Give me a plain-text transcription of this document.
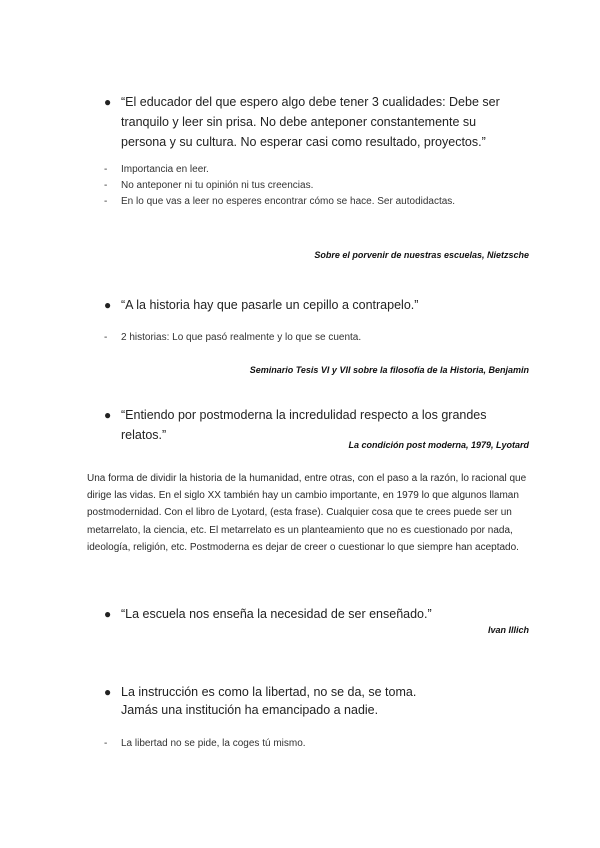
● “El educador del que espero algo debe tener 3 cualidades: Debe ser tranquilo y leer sin prisa. No debe anteponer constantemente su persona y su cultura. No esperar casi como resultado, proyectos.”
- Importancia en leer.
- No anteponer ni tu opinión ni tus creencias.
- En lo que vas a leer no esperes encontrar cómo se hace. Ser autodidactas.
Sobre el porvenir de nuestras escuelas, Nietzsche
● “A la historia hay que pasarle un cepillo a contrapelo.”
- 2 historias: Lo que pasó realmente y lo que se cuenta.
Seminario Tesis VI y VII sobre la filosofía de la Historia, Benjamin
● “Entiendo por postmoderna la incredulidad respecto a los grandes relatos.”
La condición post moderna, 1979, Lyotard
Una forma de dividir la historia de la humanidad, entre otras, con el paso a la razón, lo racional que dirige las vidas. En el siglo XX también hay un cambio importante, en 1979 lo que algunos llaman postmodernidad. Con el libro de Lyotard, (esta frase). Cualquier cosa que te crees puede ser un metarrelato, la ciencia, etc. El metarrelato es un planteamiento que no es cuestionado por nada, ideología, religión, etc. Postmoderna es dejar de creer o cuestionar lo que siempre han aceptado.
● “La escuela nos enseña la necesidad de ser enseñado.”
Ivan Illich
● La instrucción es como la libertad, no se da, se toma.
Jamás una institución ha emancipado a nadie.
- La libertad no se pide, la coges tú mismo.
